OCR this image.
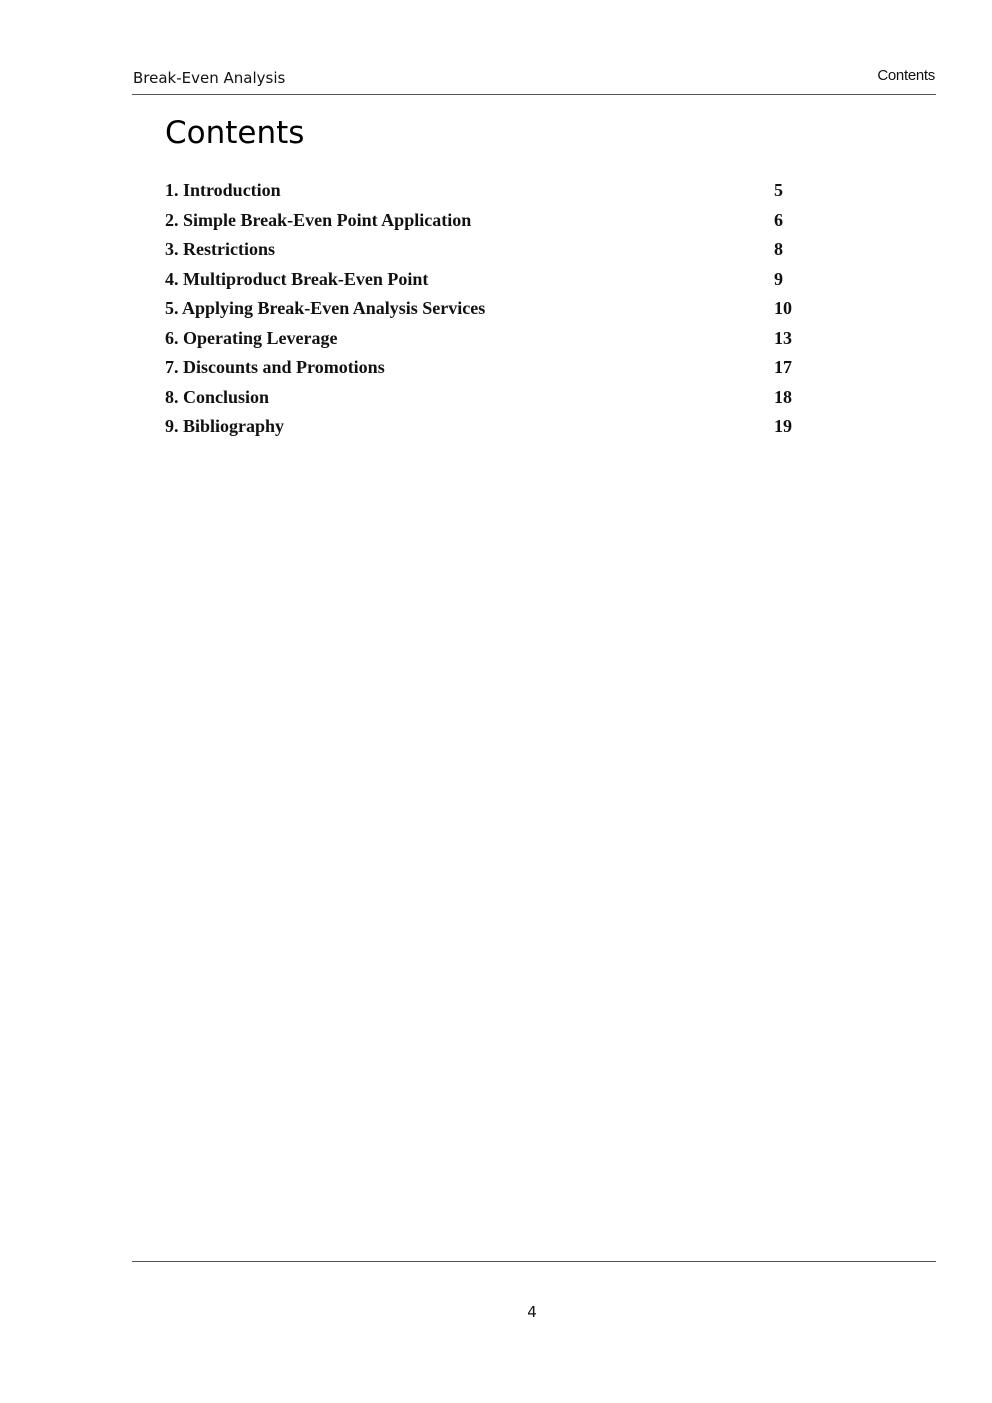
Break-Even Analysis	Contents
Contents
1. Introduction	5
2. Simple Break-Even Point Application	6
3. Restrictions	8
4. Multiproduct Break-Even Point	9
5. Applying Break-Even Analysis Services	10
6. Operating Leverage	13
7. Discounts and Promotions	17
8. Conclusion	18
9. Bibliography	19
4
